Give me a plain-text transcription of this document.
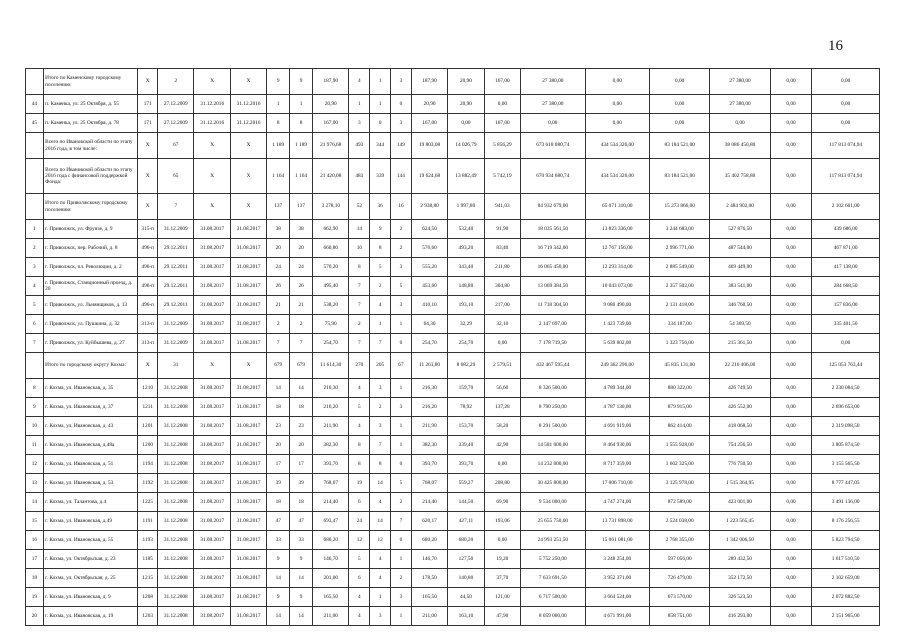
16
	Итого по Каменскому городскому поселению:	X	2	X	X	9	9	187,90	4	1	3	187,90	20,90	167,00	27 380,00	0,00	0,00	27 380,00	0,00	0,00
44	п. Каменка, ул. 25 Октября, д. 55	171	27.12.2009	31.12.2016	31.12.2016	1	1	20,90	1	1	0	20,90	20,90	0,00	27 380,00	0,00	0,00	27 380,00	0,00	0,00
45	п. Каменка, ул. 25 Октября, д. 78	171	27.12.2009	31.12.2016	31.12.2016	8	8	167,00	3	0	3	167,00	0,00	167,00	0,00	0,00	0,00	0,00	0,00	0,00
	Всего по Ивановской области по этапу 2016 года, в том числе:	X	67	X	X	1 189	1 189	21 976,68	493	344	149	19 803,08	14 026,79	5 856,29	673 618 080,74	434 534 326,00	83 184 521,00	38 086 450,80	0,00	117 813 074,94
	Всего по Ивановской области по этапу 2016 года с финансовой поддержкой Фонда:	X	65	X	X	1 164	1 164	21 420,08	483	339	144	19 624,68	13 882,49	5 742,19	670 934 680,74	434 534 326,00	83 184 521,00	35 402 758,80	0,00	117 813 074,94
	Итого по Приволжскому городскому поселению:	X	7	X	X	137	137	3 278,10	52	36	16	2 938,80	1 997,80	941,03	84 932 679,00	65 071 310,00	15 273 866,00	2 484 902,00	0,00	2 102 601,00
1	г. Приволжск, ул. Фрунзе, д. 9	315-п	31.12.2009	31.08.2017	31.08.2017	38	38	662,90	14	9	2	624,50	532,40	91,90	18 035 561,50	13 823 336,00	3 244 683,00	527 876,50	0,00	439 686,00
2	г. Приволжск, пер. Рабочий, д. 8	496-п	29.12.2011	31.08.2017	31.08.2017	20	20	660,80	10	8	2	576,60	493,20	83,40	16 719 342,00	12 767 156,00	2 996 771,00	487 544,00	0,00	467 871,00
3	г. Приволжск, пл. Революции, д. 2	496-п	29.12.2011	31.08.2017	31.08.2017	24	24	570,20	8	5	3	555,20	343,40	211,80	16 065 450,00	12 293 314,00	2 885 549,00	469 449,00	0,00	417 138,00
4	г. Приволжск, Станционный проезд, д. 20	496-п	29.12.2011	31.08.2017	31.08.2017	26	26	495,40	7	2	5	453,60	148,80	304,80	13 069 384,50	10 043 073,00	2 357 502,00	383 541,00	0,00	284 668,50
5	г. Приволжск, ул. Льнянщиков, д. 13	496-п	29.12.2011	31.08.2017	31.08.2017	21	21	538,20	7	4	3	410,10	193,10	217,00	11 718 304,50	9 080 490,00	2 131 418,00	346 760,50	0,00	157 836,00
6	г. Приволжск, ул. Пушкина, д. 32	313-п	31.12.2009	31.08.2017	31.08.2017	2	2	75,90	2	1	1	64,30	32,29	32,10	2 147 697,00	1 423 739,00	334 187,00	54 369,50	0,00	335 401,50
7	г. Приволжск, ул. Куйбышева, д. 27	313-п	31.12.2009	31.08.2017	31.08.2017	7	7	254,70	7	7	0	254,70	254,70	0,00	7 178 719,50	5 639 602,00	1 323 756,00	215 361,50	0,00	0,00
	Итого по городскому округу Кохма:	X	31	X	X	679	679	11 614,30	270	205	67	11 261,80	8 682,29	2 579,51	432 467 595,44	249 362 296,00	45 835 131,00	22 216 406,00	0,00	125 053 763,44
8	г. Кохма, ул. Ивановская, д. 35	1210	31.12.2008	31.08.2017	31.08.2017	14	14	216,30	4	3	1	216,30	159,70	56,60	8 326 500,00	4 789 344,00	880 322,00	426 749,50	0,00	2 230 084,50
9	г. Кохма, ул. Ивановская, д. 37	1211	31.12.2008	31.08.2017	31.08.2017	18	18	216,20	5	2	3	216,20	78,92	137,28	8 790 250,00	4 787 130,00	879 915,00	426 552,00	0,00	2 696 653,00
10	г. Кохма, ул. Ивановская, д. 43	1201	31.12.2008	31.08.2017	31.08.2017	23	23	211,90	4	3	1	211,90	153,70	58,20	8 291 500,00	4 691 919,00	862 414,00	418 068,50	0,00	2 319 098,50
11	г. Кохма, ул. Ивановская, д.48а	1200	31.12.2008	31.08.2017	31.08.2017	20	20	382,30	8	7	1	382,30	339,40	42,90	14 581 000,00	8 464 930,00	1 555 928,00	754 256,50	0,00	3 805 874,50
12	г. Кохма, ул. Ивановская, д. 51	1194	31.12.2008	31.08.2017	31.08.2017	17	17	393,70	8	8	0	393,70	393,70	0,00	14 232 000,00	8 717 359,00	1 602 325,00	776 750,50	0,00	3 155 565,50
13	г. Кохма, ул. Ивановская, д. 53	1192	31.12.2008	31.08.2017	31.08.2017	39	39	768,07	19	14	5	768,07	559,27	208,80	30 425 800,00	17 006 710,00	3 125 978,00	1 515 364,95	0,00	8 777 447,05
14	г. Кохма, ул. Талантова, д.4	1225	31.12.2008	31.08.2017	31.08.2017	18	18	214,40	6	4	2	214,40	144,50	69,90	9 534 000,00	4 747 274,00	872 589,00	423 001,00	0,00	3 491 136,00
15	г. Кохма, ул. Ивановская, д.49	1191	31.12.2008	31.08.2017	31.08.2017	47	47	693,47	24	14	7	620,17	427,11	193,06	25 655 750,00	13 731 898,00	2 524 038,00	1 223 565,45	0,00	8 176 256,55
16	г. Кохма, ул. Ивановская, д. 55	1193	31.12.2008	31.08.2017	31.08.2017	33	33	680,20	12	12	0	680,20	680,20	0,00	24 993 251,50	15 061 081,00	2 768 355,00	1 342 006,50	0,00	5 823 794,50
17	г. Кохма, ул. Октябрьская, д. 23	1185	31.12.2008	31.08.2017	31.08.2017	9	9	146,70	5	4	1	146,70	127,50	19,20	5 752 250,00	3 248 254,00	597 056,00	289 432,50	0,00	1 617 510,50
18	г. Кохма, ул. Октябрьская, д. 25	1215	31.12.2008	31.08.2017	31.08.2017	14	14	201,00	6	4	2	178,50	140,80	37,70	7 633 691,50	3 952 371,00	726 479,00	352 172,50	0,00	2 102 659,00
19	г. Кохма, ул. Ивановская, д. 9	1208	31.12.2008	31.08.2017	31.08.2017	9	9	165,50	4	1	3	165,50	44,50	121,00	6 717 500,00	3 664 524,00	673 570,00	326 523,50	0,00	2 072 882,50
20	г. Кохма, ул. Ивановская, д. 19	1203	31.12.2008	31.08.2017	31.08.2017	14	14	211,00	4	3	1	211,00	163,10	47,90	8 059 000,00	4 671 991,00	858 751,00	416 293,00	0,00	2 151 965,00
